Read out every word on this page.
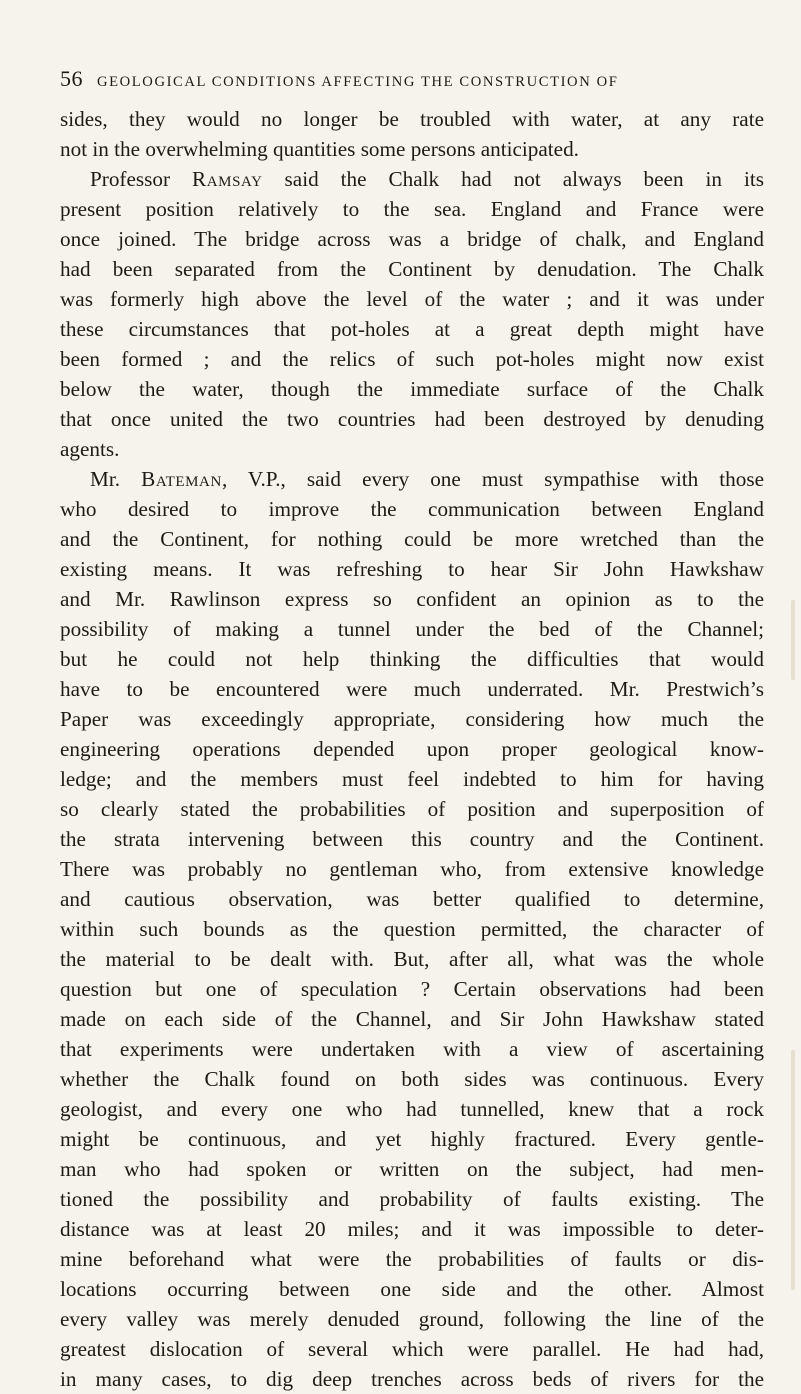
56 GEOLOGICAL CONDITIONS AFFECTING THE CONSTRUCTION OF
sides, they would no longer be troubled with water, at any rate
not in the overwhelming quantities some persons anticipated.
Professor Ramsay said the Chalk had not always been in its
present position relatively to the sea. England and France were
once joined. The bridge across was a bridge of chalk, and England
had been separated from the Continent by denudation. The Chalk
was formerly high above the level of the water ; and it was under
these circumstances that pot-holes at a great depth might have
been formed ; and the relics of such pot-holes might now exist
below the water, though the immediate surface of the Chalk
that once united the two countries had been destroyed by denuding
agents.
Mr. Bateman, V.P., said every one must sympathise with those
who desired to improve the communication between England
and the Continent, for nothing could be more wretched than the
existing means. It was refreshing to hear Sir John Hawkshaw
and Mr. Rawlinson express so confident an opinion as to the
possibility of making a tunnel under the bed of the Channel;
but he could not help thinking the difficulties that would
have to be encountered were much underrated. Mr. Prestwich’s
Paper was exceedingly appropriate, considering how much the
engineering operations depended upon proper geological know-
ledge; and the members must feel indebted to him for having
so clearly stated the probabilities of position and superposition of
the strata intervening between this country and the Continent.
There was probably no gentleman who, from extensive knowledge
and cautious observation, was better qualified to determine,
within such bounds as the question permitted, the character of
the material to be dealt with. But, after all, what was the whole
question but one of speculation ? Certain observations had been
made on each side of the Channel, and Sir John Hawkshaw stated
that experiments were undertaken with a view of ascertaining
whether the Chalk found on both sides was continuous. Every
geologist, and every one who had tunnelled, knew that a rock
might be continuous, and yet highly fractured. Every gentle-
man who had spoken or written on the subject, had men-
tioned the possibility and probability of faults existing. The
distance was at least 20 miles; and it was impossible to deter-
mine beforehand what were the probabilities of faults or dis-
locations occurring between one side and the other. Almost
every valley was merely denuded ground, following the line of the
greatest dislocation of several which were parallel. He had had,
in many cases, to dig deep trenches across beds of rivers for the
